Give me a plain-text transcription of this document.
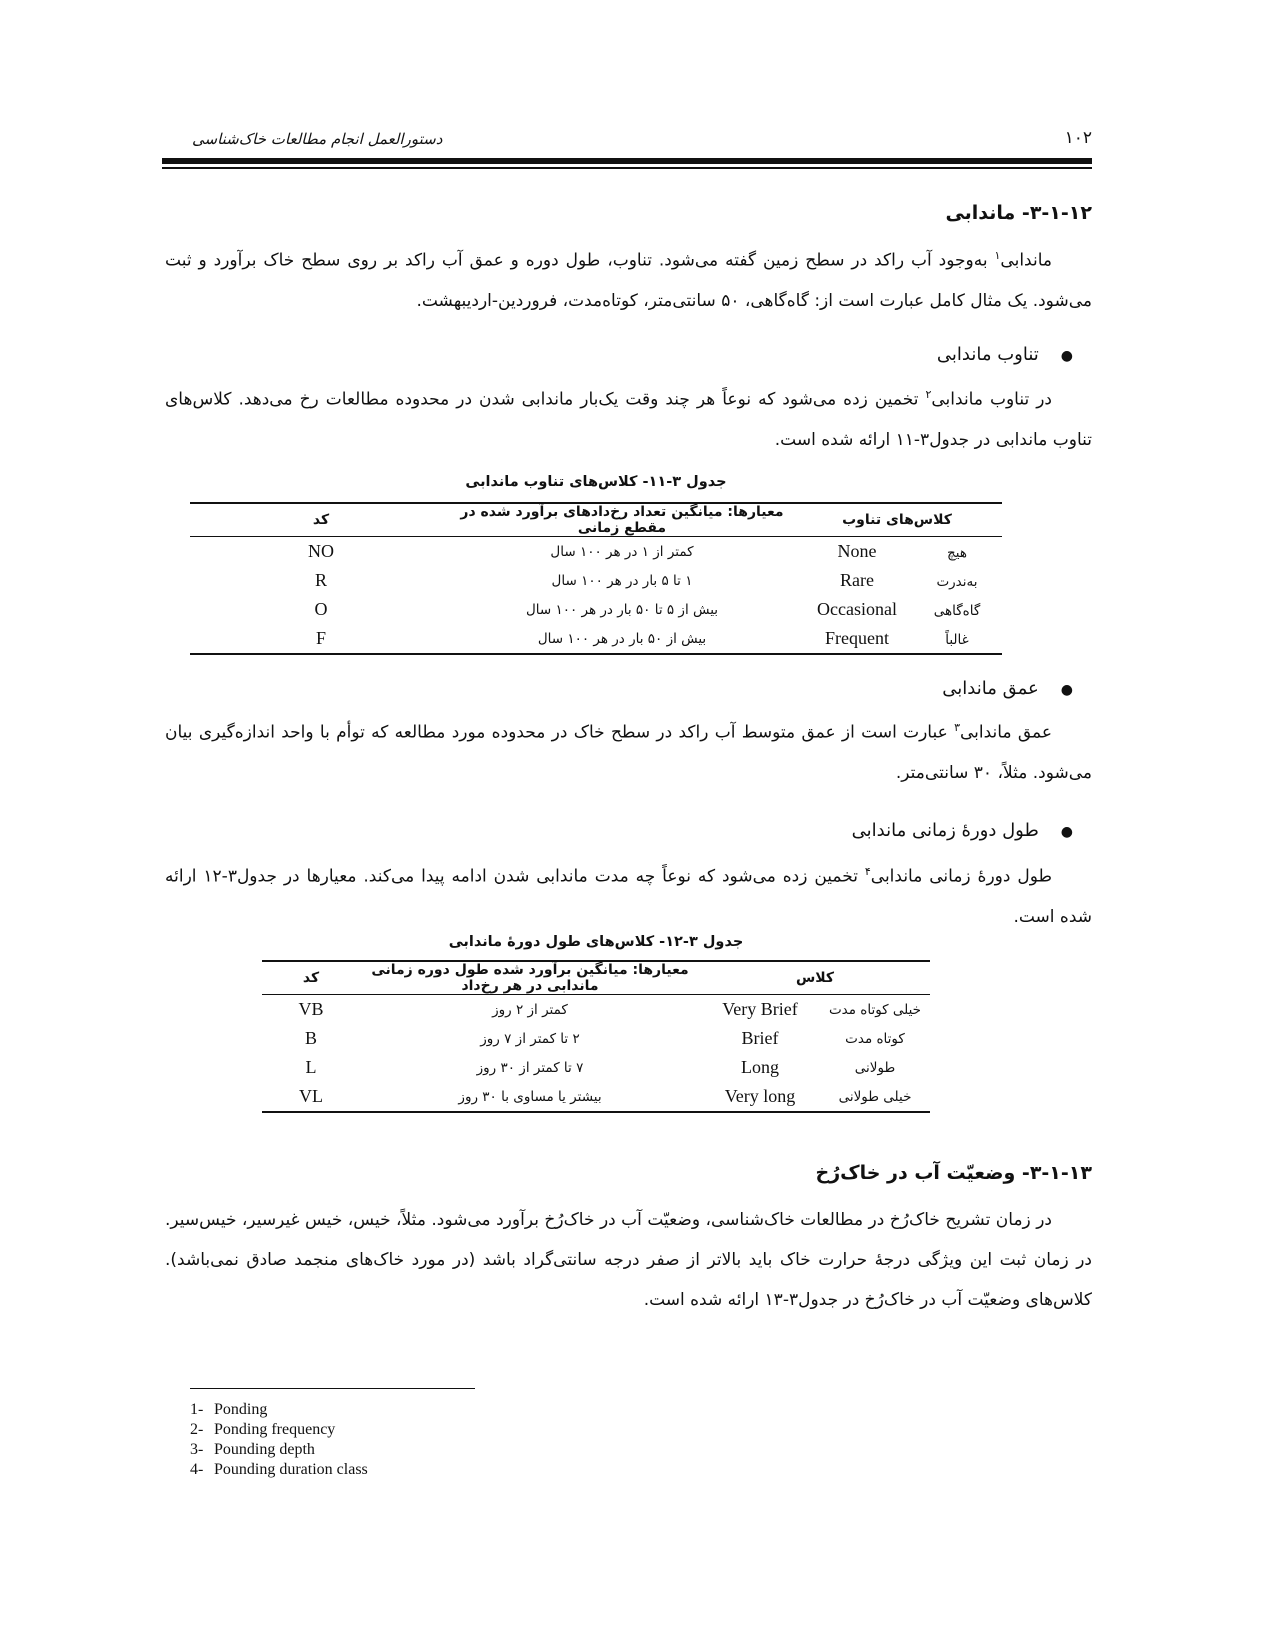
دستورالعمل انجام مطالعات خاک‌شناسی	۱۰۲
۳-۱-۱۲- ماندابی
ماندابی$^۱$ به‌وجود آب راکد در سطح زمین گفته می‌شود. تناوب، طول دوره و عمق آب راکد بر روی سطح خاک برآورد و ثبت می‌شود. یک مثال کامل عبارت است از: گاه‌گاهی، ۵۰ سانتی‌متر، کوتاه‌مدت، فروردین-اردیبهشت.
●تناوب ماندابی
در تناوب ماندابی$^۲$ تخمین زده می‌شود که نوعاً هر چند وقت یک‌بار ماندابی شدن در محدوده مطالعات رخ می‌دهد. کلاس‌های تناوب ماندابی در جدول۳-۱۱ ارائه شده است.
جدول ۳-۱۱- کلاس‌های تناوب ماندابی
کلاس‌های تناوب	معیارها: میانگین تعداد رخ‌دادهای برآورد شده در مقطع زمانی	کد
هیچNone	کمتر از ۱ در هر ۱۰۰ سال	NO
به‌ندرتRare	۱ تا ۵ بار در هر ۱۰۰ سال	R
گاه‌گاهیOccasional	بیش از ۵ تا ۵۰ بار در هر ۱۰۰ سال	O
غالباًFrequent	بیش از ۵۰ بار در هر ۱۰۰ سال	F
●عمق ماندابی
عمق ماندابی$^۳$ عبارت است از عمق متوسط آب راکد در سطح خاک در محدوده مورد مطالعه که توأم با واحد اندازه‌گیری بیان می‌شود. مثلاً، ۳۰ سانتی‌متر.
●طول دورهٔ زمانی ماندابی
طول دورهٔ زمانی ماندابی$^۴$ تخمین زده می‌شود که نوعاً چه مدت ماندابی شدن ادامه پیدا می‌کند. معیارها در جدول۳-۱۲ ارائه شده است.
جدول ۳-۱۲- کلاس‌های طول دورهٔ ماندابی
کلاس		معیارها: میانگین برآورد شده طول دوره زمانی ماندابی در هر رخ‌داد	کد
خیلی کوتاه مدت	Very Brief	کمتر از ۲ روز	VB
کوتاه مدت	Brief	۲ تا کمتر از ۷ روز	B
طولانی	Long	۷ تا کمتر از ۳۰ روز	L
خیلی طولانی	Very long	بیشتر یا مساوی با ۳۰ روز	VL
۳-۱-۱۳- وضعیّت آب در خاک‌رُخ
در زمان تشریح خاک‌رُخ در مطالعات خاک‌شناسی، وضعیّت آب در خاک‌رُخ برآورد می‌شود. مثلاً، خیس، خیس غیرسیر، خیس‌سیر. در زمان ثبت این ویژگی درجهٔ حرارت خاک باید بالاتر از صفر درجه سانتی‌گراد باشد (در مورد خاک‌های منجمد صادق نمی‌باشد). کلاس‌های وضعیّت آب در خاک‌رُخ در جدول۳-۱۳ ارائه شده است.
1- Ponding
2- Ponding frequency
3- Pounding depth
4- Pounding duration class
